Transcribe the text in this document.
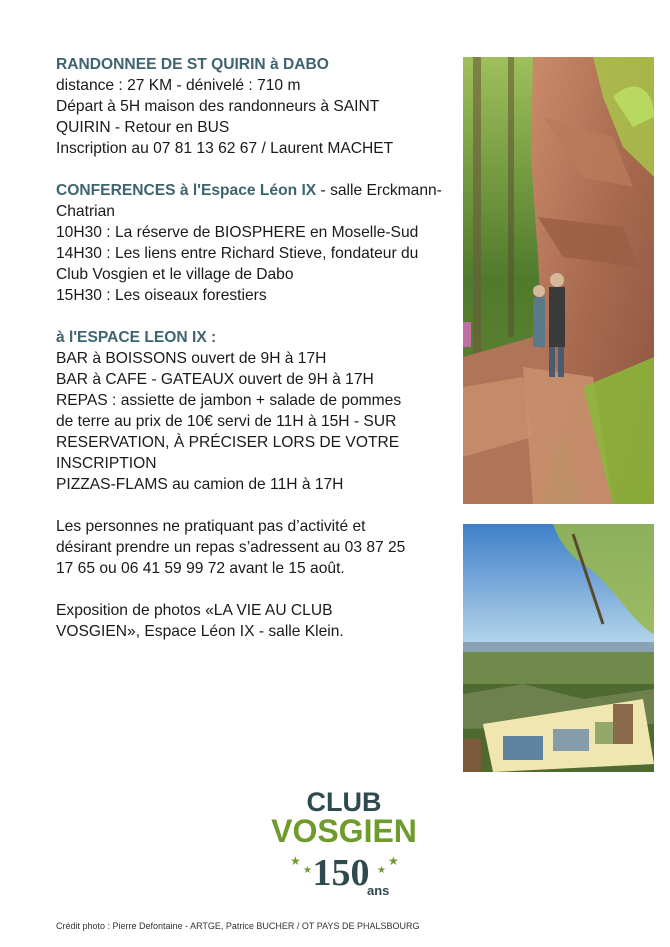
RANDONNEE DE ST QUIRIN à DABO
distance : 27 KM - dénivelé : 710 m
Départ à 5H maison des randonneurs à SAINT
QUIRIN - Retour en BUS
Inscription au 07 81 13 62 67 / Laurent MACHET
CONFERENCES à l'Espace Léon IX - salle Erckmann-
Chatrian
10H30 : La réserve de BIOSPHERE en Moselle-Sud
14H30 : Les liens entre Richard Stieve, fondateur du
Club Vosgien et le village de Dabo
15H30 : Les oiseaux forestiers
à l'ESPACE LEON IX :
BAR à BOISSONS ouvert de 9H à 17H
BAR à CAFE - GATEAUX ouvert de 9H à 17H
REPAS : assiette de jambon + salade de pommes
de terre au prix de 10€ servi de 11H à 15H - SUR
RESERVATION, À PRÉCISER LORS DE VOTRE
INSCRIPTION
PIZZAS-FLAMS au camion de 11H à 17H
Les personnes ne pratiquant pas d’activité et
désirant prendre un repas s’adressent au 03 87 25
17 65 ou 06 41 59 99 72 avant le 15 août.
Exposition de photos «LA VIE AU CLUB
VOSGIEN», Espace Léon IX - salle Klein.
CLUB
VOSGIEN
★
★
★
★
150
ans
Crédit photo : Pierre Defontaine - ARTGE, Patrice BUCHER / OT PAYS DE PHALSBOURG
